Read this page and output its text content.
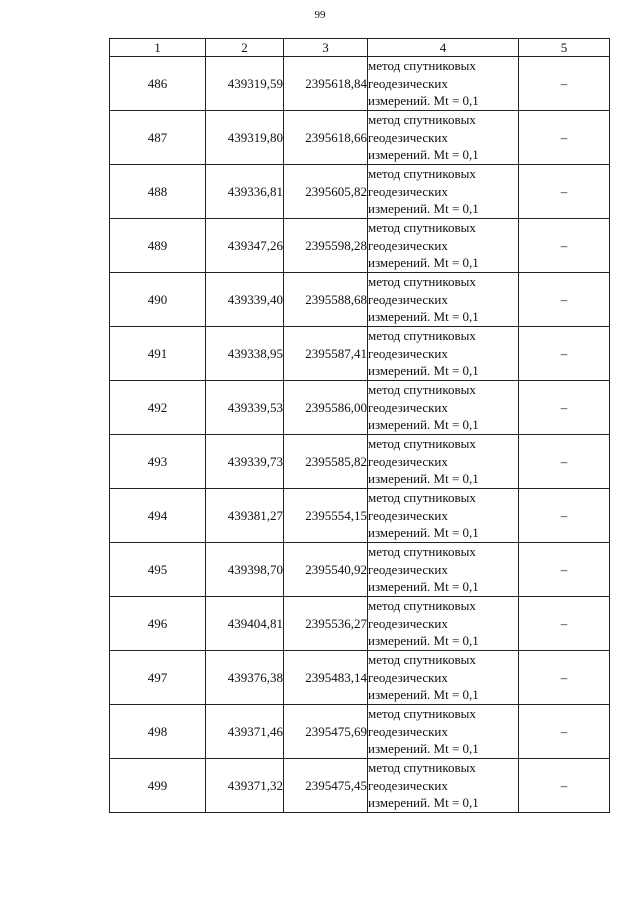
99
1	2	3	4	5
486	439319,59	2395618,84	метод спутниковых
геодезических
измерений. Mt = 0,1	–
487	439319,80	2395618,66	метод спутниковых
геодезических
измерений. Mt = 0,1	–
488	439336,81	2395605,82	метод спутниковых
геодезических
измерений. Mt = 0,1	–
489	439347,26	2395598,28	метод спутниковых
геодезических
измерений. Mt = 0,1	–
490	439339,40	2395588,68	метод спутниковых
геодезических
измерений. Mt = 0,1	–
491	439338,95	2395587,41	метод спутниковых
геодезических
измерений. Mt = 0,1	–
492	439339,53	2395586,00	метод спутниковых
геодезических
измерений. Mt = 0,1	–
493	439339,73	2395585,82	метод спутниковых
геодезических
измерений. Mt = 0,1	–
494	439381,27	2395554,15	метод спутниковых
геодезических
измерений. Mt = 0,1	–
495	439398,70	2395540,92	метод спутниковых
геодезических
измерений. Mt = 0,1	–
496	439404,81	2395536,27	метод спутниковых
геодезических
измерений. Mt = 0,1	–
497	439376,38	2395483,14	метод спутниковых
геодезических
измерений. Mt = 0,1	–
498	439371,46	2395475,69	метод спутниковых
геодезических
измерений. Mt = 0,1	–
499	439371,32	2395475,45	метод спутниковых
геодезических
измерений. Mt = 0,1	–
